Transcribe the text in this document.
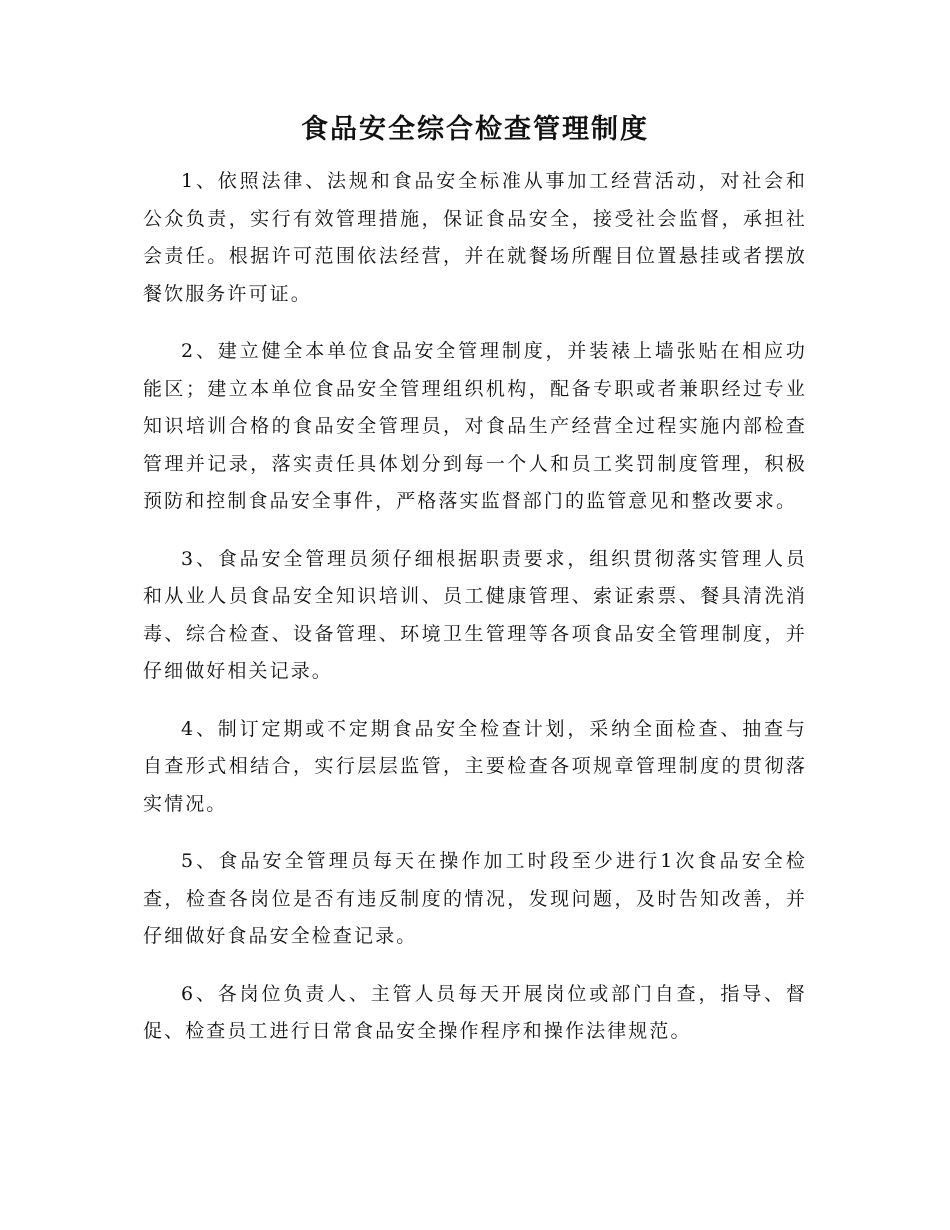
食品安全综合检查管理制度

1、依照法律、法规和食品安全标准从事加工经营活动，对社会和公众负责，实行有效管理措施，保证食品安全，接受社会监督，承担社会责任。根据许可范围依法经营，并在就餐场所醒目位置悬挂或者摆放餐饮服务许可证。

2、建立健全本单位食品安全管理制度，并装裱上墙张贴在相应功能区；建立本单位食品安全管理组织机构，配备专职或者兼职经过专业知识培训合格的食品安全管理员，对食品生产经营全过程实施内部检查管理并记录，落实责任具体划分到每一个人和员工奖罚制度管理，积极预防和控制食品安全事件，严格落实监督部门的监管意见和整改要求。

3、食品安全管理员须仔细根据职责要求，组织贯彻落实管理人员和从业人员食品安全知识培训、员工健康管理、索证索票、餐具清洗消毒、综合检查、设备管理、环境卫生管理等各项食品安全管理制度，并仔细做好相关记录。

4、制订定期或不定期食品安全检查计划，采纳全面检查、抽查与自查形式相结合，实行层层监管，主要检查各项规章管理制度的贯彻落实情况。

5、食品安全管理员每天在操作加工时段至少进行1次食品安全检查，检查各岗位是否有违反制度的情况，发现问题，及时告知改善，并仔细做好食品安全检查记录。

6、各岗位负责人、主管人员每天开展岗位或部门自查，指导、督促、检查员工进行日常食品安全操作程序和操作法律规范。
